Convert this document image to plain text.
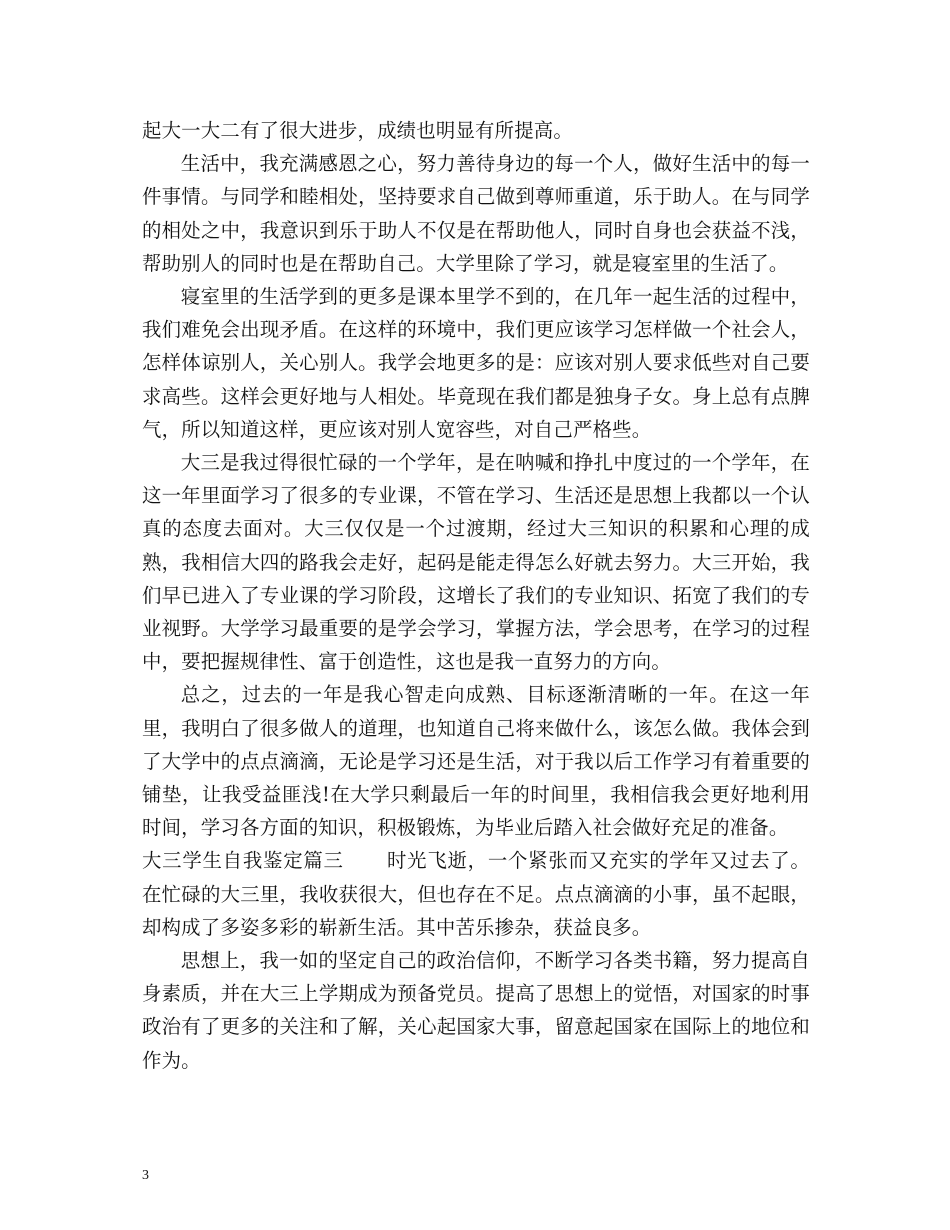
起大一大二有了很大进步，成绩也明显有所提高。

生活中，我充满感恩之心，努力善待身边的每一个人，做好生活中的每一件事情。与同学和睦相处，坚持要求自己做到尊师重道，乐于助人。在与同学的相处之中，我意识到乐于助人不仅是在帮助他人，同时自身也会获益不浅，帮助别人的同时也是在帮助自己。大学里除了学习，就是寝室里的生活了。

寝室里的生活学到的更多是课本里学不到的，在几年一起生活的过程中，我们难免会出现矛盾。在这样的环境中，我们更应该学习怎样做一个社会人，怎样体谅别人，关心别人。我学会地更多的是：应该对别人要求低些对自己要求高些。这样会更好地与人相处。毕竟现在我们都是独身子女。身上总有点脾气，所以知道这样，更应该对别人宽容些，对自己严格些。

大三是我过得很忙碌的一个学年，是在呐喊和挣扎中度过的一个学年，在这一年里面学习了很多的专业课，不管在学习、生活还是思想上我都以一个认真的态度去面对。大三仅仅是一个过渡期，经过大三知识的积累和心理的成熟，我相信大四的路我会走好，起码是能走得怎么好就去努力。大三开始，我们早已进入了专业课的学习阶段，这增长了我们的专业知识、拓宽了我们的专业视野。大学学习最重要的是学会学习，掌握方法，学会思考，在学习的过程中，要把握规律性、富于创造性，这也是我一直努力的方向。

总之，过去的一年是我心智走向成熟、目标逐渐清晰的一年。在这一年里，我明白了很多做人的道理，也知道自己将来做什么，该怎么做。我体会到了大学中的点点滴滴，无论是学习还是生活，对于我以后工作学习有着重要的铺垫，让我受益匪浅!在大学只剩最后一年的时间里，我相信我会更好地利用时间，学习各方面的知识，积极锻炼，为毕业后踏入社会做好充足的准备。

大三学生自我鉴定篇三 时光飞逝，一个紧张而又充实的学年又过去了。在忙碌的大三里，我收获很大，但也存在不足。点点滴滴的小事，虽不起眼，却构成了多姿多彩的崭新生活。其中苦乐掺杂，获益良多。

思想上，我一如的坚定自己的政治信仰，不断学习各类书籍，努力提高自身素质，并在大三上学期成为预备党员。提高了思想上的觉悟，对国家的时事政治有了更多的关注和了解，关心起国家大事，留意起国家在国际上的地位和作为。

3
